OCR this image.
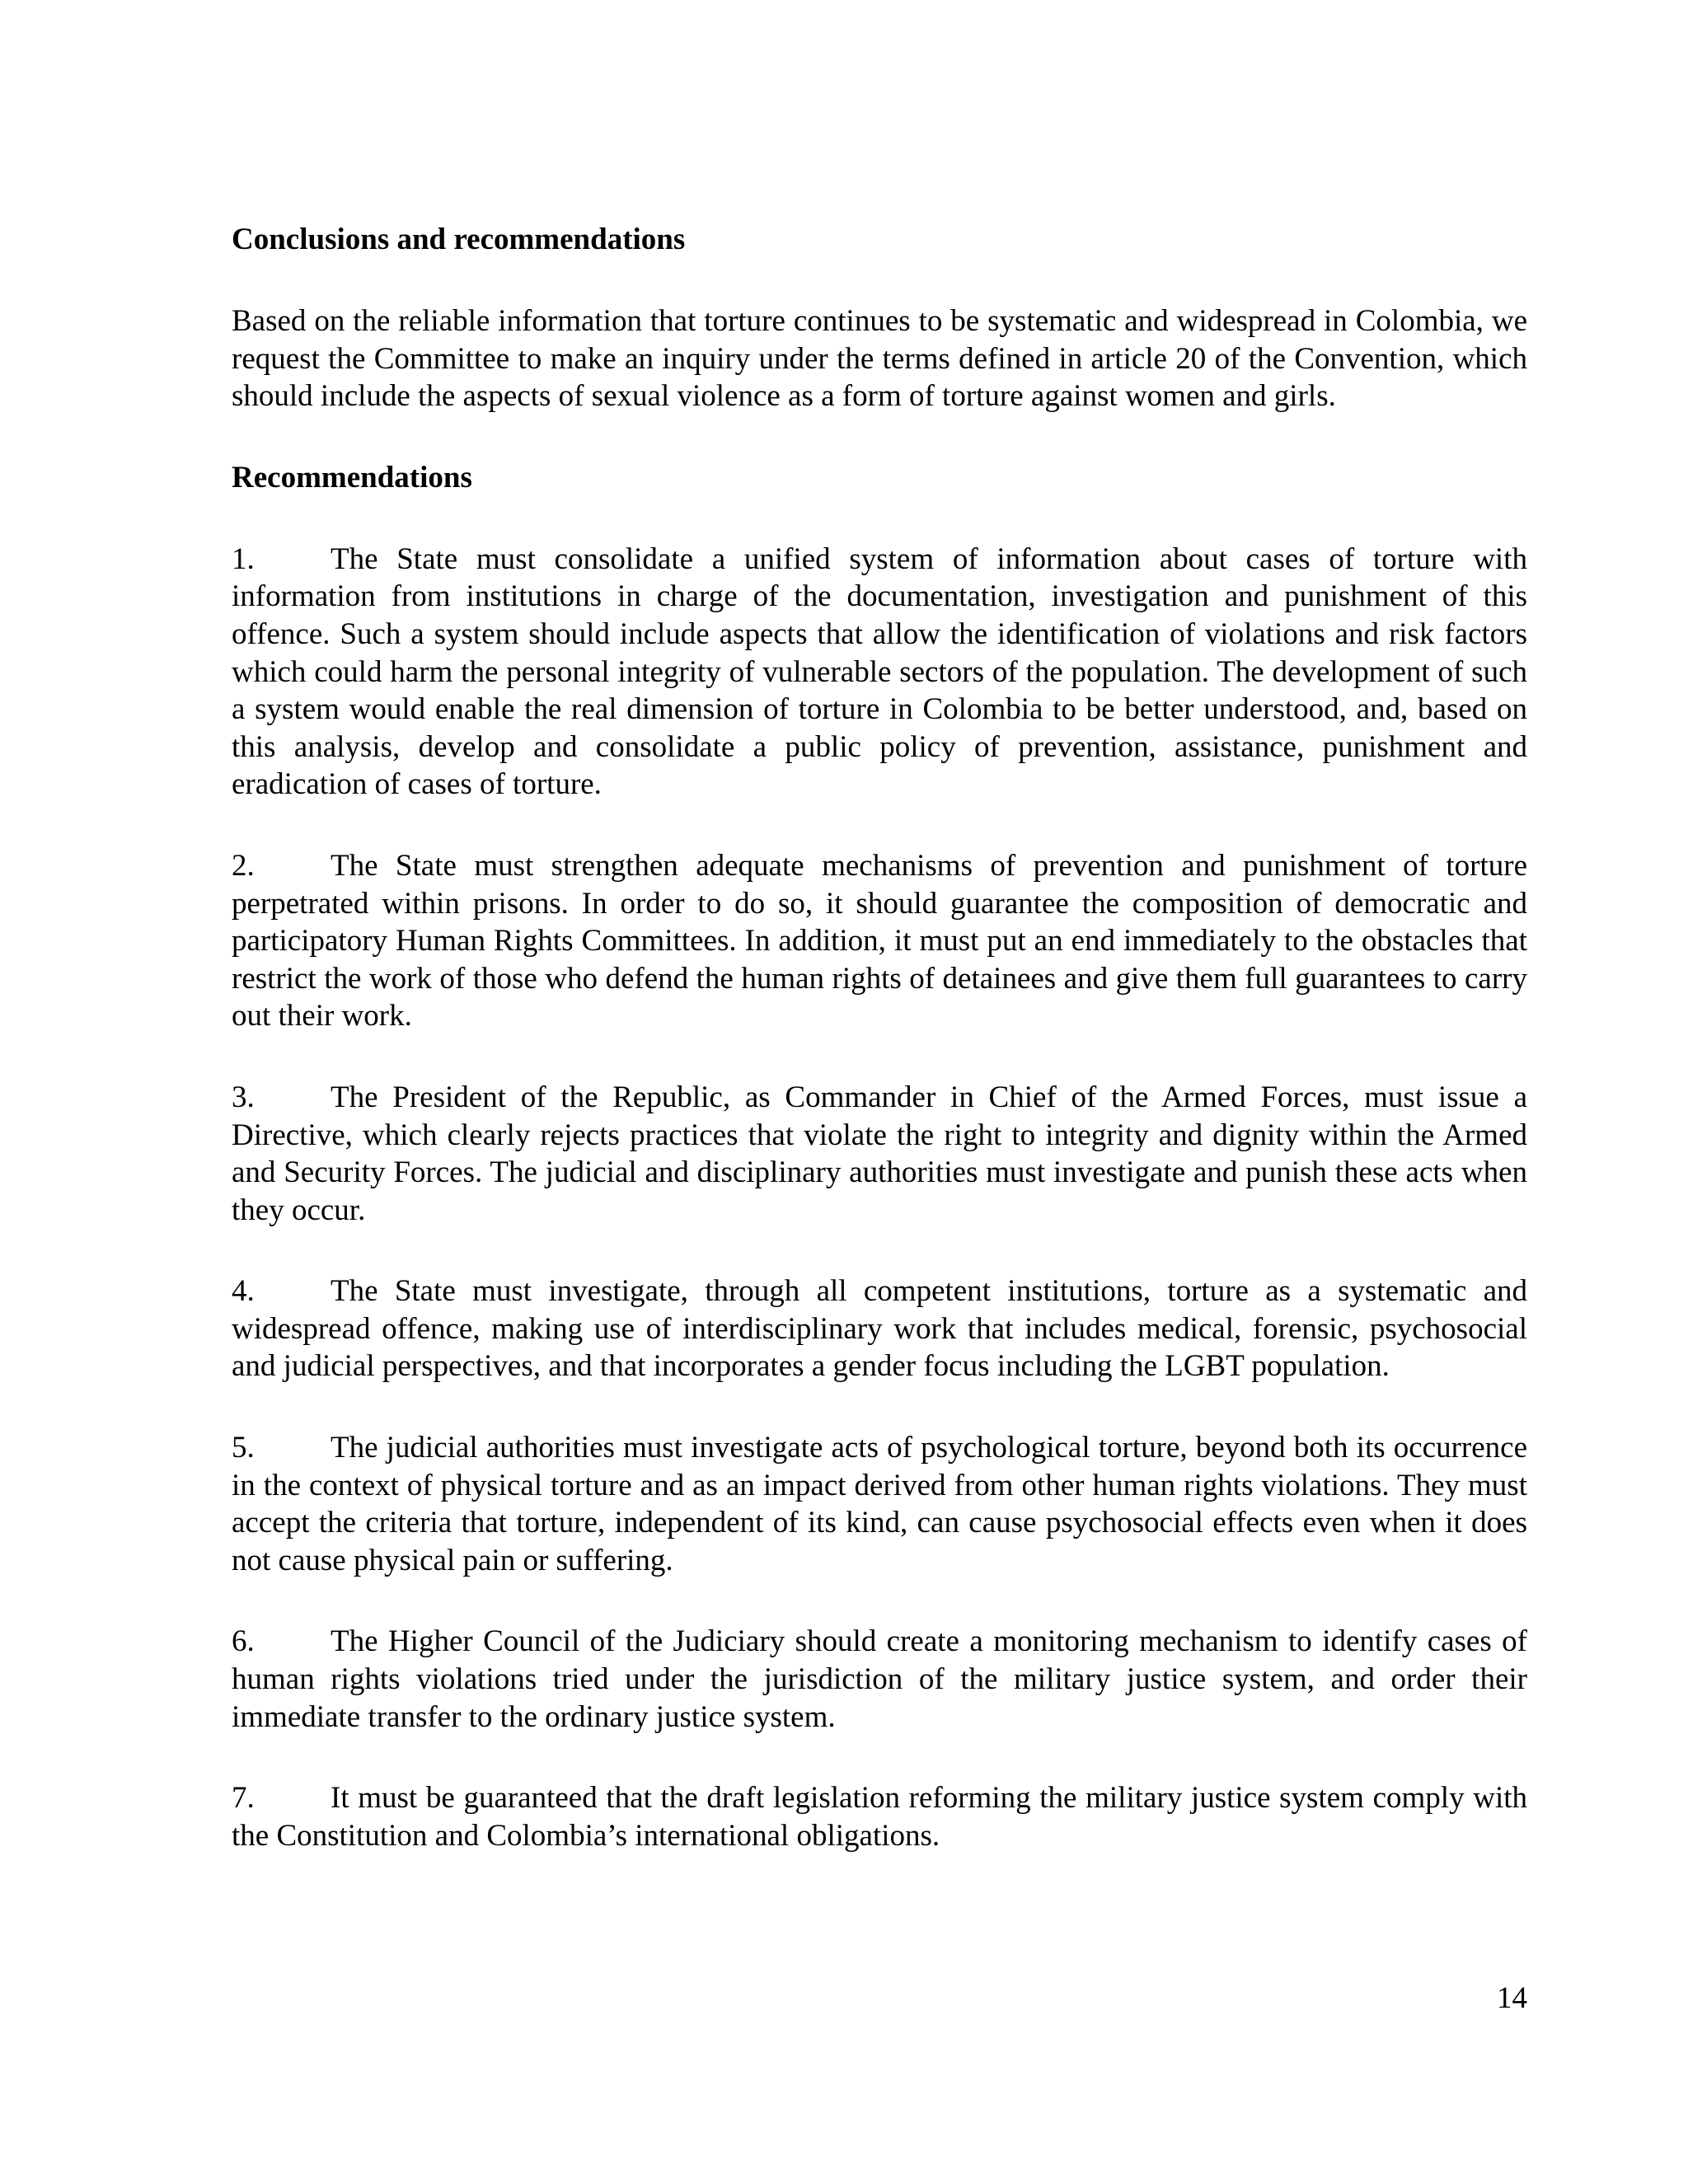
Conclusions and recommendations

Based on the reliable information that torture continues to be systematic and widespread in Colombia, we request the Committee to make an inquiry under the terms defined in article 20 of the Convention, which should include the aspects of sexual violence as a form of torture against women and girls.

Recommendations

1. The State must consolidate a unified system of information about cases of torture with information from institutions in charge of the documentation, investigation and punishment of this offence. Such a system should include aspects that allow the identification of violations and risk factors which could harm the personal integrity of vulnerable sectors of the population. The development of such a system would enable the real dimension of torture in Colombia to be better understood, and, based on this analysis, develop and consolidate a public policy of prevention, assistance, punishment and eradication of cases of torture.

2. The State must strengthen adequate mechanisms of prevention and punishment of torture perpetrated within prisons. In order to do so, it should guarantee the composition of democratic and participatory Human Rights Committees. In addition, it must put an end immediately to the obstacles that restrict the work of those who defend the human rights of detainees and give them full guarantees to carry out their work.

3. The President of the Republic, as Commander in Chief of the Armed Forces, must issue a Directive, which clearly rejects practices that violate the right to integrity and dignity within the Armed and Security Forces. The judicial and disciplinary authorities must investigate and punish these acts when they occur.

4. The State must investigate, through all competent institutions, torture as a systematic and widespread offence, making use of interdisciplinary work that includes medical, forensic, psychosocial and judicial perspectives, and that incorporates a gender focus including the LGBT population.

5. The judicial authorities must investigate acts of psychological torture, beyond both its occurrence in the context of physical torture and as an impact derived from other human rights violations. They must accept the criteria that torture, independent of its kind, can cause psychosocial effects even when it does not cause physical pain or suffering.

6. The Higher Council of the Judiciary should create a monitoring mechanism to identify cases of human rights violations tried under the jurisdiction of the military justice system, and order their immediate transfer to the ordinary justice system.

7. It must be guaranteed that the draft legislation reforming the military justice system comply with the Constitution and Colombia’s international obligations.

14
